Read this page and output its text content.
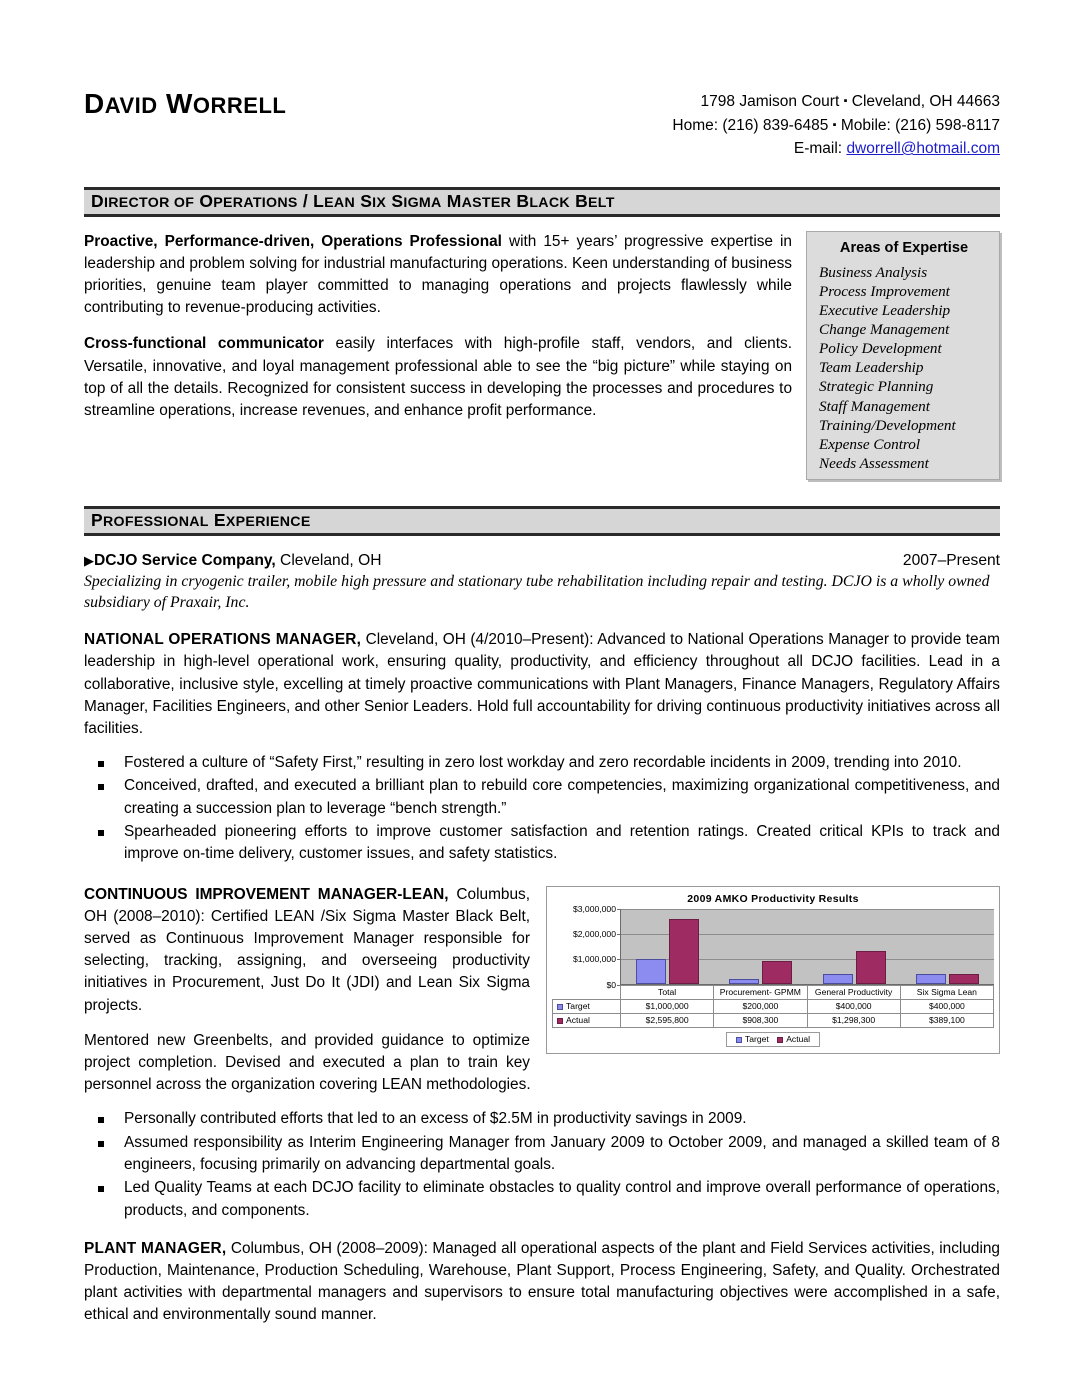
DAVID WORRELL	1798 Jamison Court ▪ Cleveland, OH 44663
Home: (216) 839-6485 ▪ Mobile: (216) 598-8117
E-mail: dworrell@hotmail.com
DIRECTOR OF OPERATIONS / LEAN SIX SIGMA MASTER BLACK BELT

Proactive, Performance-driven, Operations Professional with 15+ years’ progressive expertise in leadership and problem solving for industrial manufacturing operations. Keen understanding of business priorities, genuine team player committed to managing operations and projects flawlessly while contributing to revenue-producing activities.

Cross-functional communicator easily interfaces with high-profile staff, vendors, and clients. Versatile, innovative, and loyal management professional able to see the “big picture” while staying on top of all the details. Recognized for consistent success in developing the processes and procedures to streamline operations, increase revenues, and enhance profit performance.

Areas of Expertise
Business Analysis
Process Improvement
Executive Leadership
Change Management
Policy Development
Team Leadership
Strategic Planning
Staff Management
Training/Development
Expense Control
Needs Assessment
PROFESSIONAL EXPERIENCE
▶DCJO Service Company, Cleveland, OH	2007–Present
Specializing in cryogenic trailer, mobile high pressure and stationary tube rehabilitation including repair and testing. DCJO is a wholly owned subsidiary of Praxair, Inc.
NATIONAL OPERATIONS MANAGER, Cleveland, OH (4/2010–Present): Advanced to National Operations Manager to provide team leadership in high-level operational work, ensuring quality, productivity, and efficiency throughout all DCJO facilities. Lead in a collaborative, inclusive style, excelling at timely proactive communications with Plant Managers, Finance Managers, Regulatory Affairs Manager, Facilities Engineers, and other Senior Leaders. Hold full accountability for driving continuous productivity initiatives across all facilities.
Fostered a culture of “Safety First,” resulting in zero lost workday and zero recordable incidents in 2009, trending into 2010.
Conceived, drafted, and executed a brilliant plan to rebuild core competencies, maximizing organizational competitiveness, and creating a succession plan to leverage “bench strength.”
Spearheaded pioneering efforts to improve customer satisfaction and retention ratings. Created critical KPIs to track and improve on-time delivery, customer issues, and safety statistics.
2009 AMKO Productivity Results
$3,000,000
$2,000,000
$1,000,000
$0
	Total	Procurement- GPMM	General Productivity	Six Sigma Lean
Target	$1,000,000	$200,000	$400,000	$400,000
Actual	$2,595,800	$908,300	$1,298,300	$389,100
Target Actual
CONTINUOUS IMPROVEMENT MANAGER-LEAN, Columbus, OH (2008–2010): Certified LEAN /Six Sigma Master Black Belt, served as Continuous Improvement Manager responsible for selecting, tracking, assigning, and overseeing productivity initiatives in Procurement, Just Do It (JDI) and Lean Six Sigma projects.
Mentored new Greenbelts, and provided guidance to optimize project completion. Devised and executed a plan to train key personnel across the organization covering LEAN methodologies.
Personally contributed efforts that led to an excess of $2.5M in productivity savings in 2009.
Assumed responsibility as Interim Engineering Manager from January 2009 to October 2009, and managed a skilled team of 8 engineers, focusing primarily on advancing departmental goals.
Led Quality Teams at each DCJO facility to eliminate obstacles to quality control and improve overall performance of operations, products, and components.
PLANT MANAGER, Columbus, OH (2008–2009): Managed all operational aspects of the plant and Field Services activities, including Production, Maintenance, Production Scheduling, Warehouse, Plant Support, Process Engineering, Safety, and Quality. Orchestrated plant activities with departmental managers and supervisors to ensure total manufacturing objectives were accomplished in a safe, ethical and environmentally sound manner.
